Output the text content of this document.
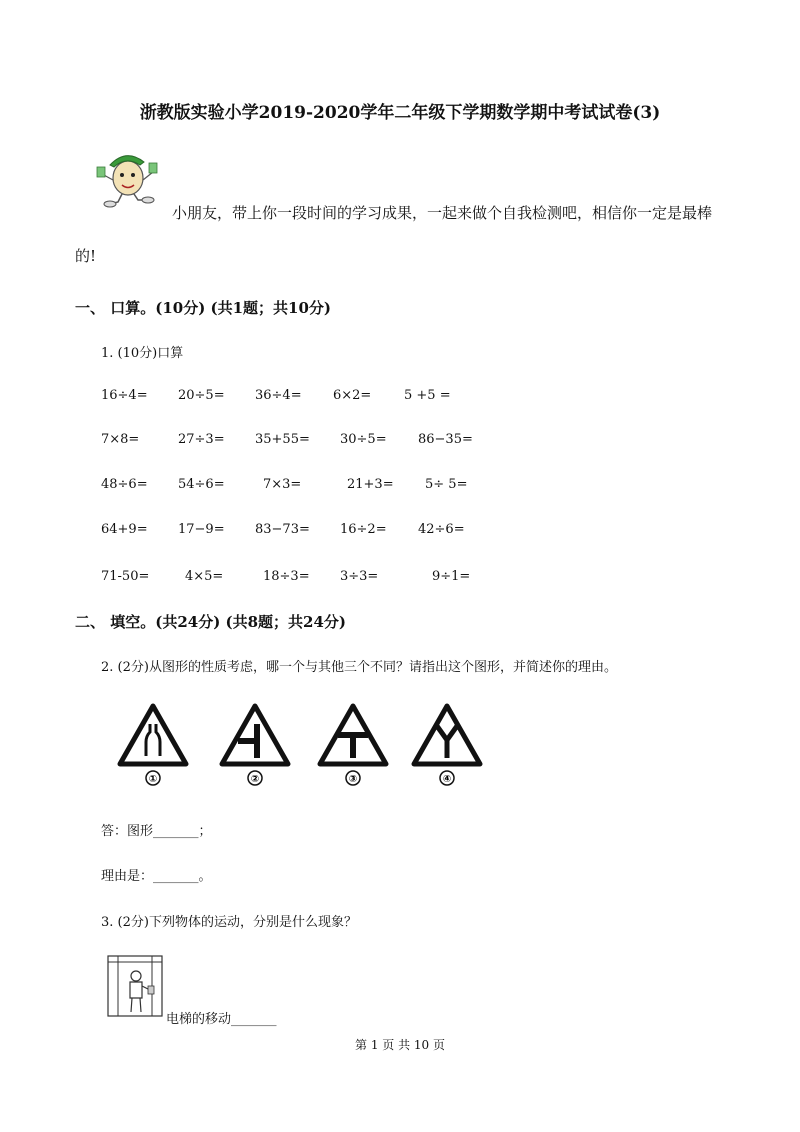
浙教版实验小学2019-2020学年二年级下学期数学期中考试试卷(3)
小朋友，带上你一段时间的学习成果，一起来做个自我检测吧，相信你一定是最棒
的!
一、 口算。(10分) (共1题；共10分)
1. (10分)口算
16÷4= 20÷5= 36÷4= 6×2=	5 +5 =
7×8=	27÷3= 35+55= 30÷5= 86−35=
48÷6= 54÷6=	7×3=	21+3= 5÷ 5=
64+9= 17−9= 83−73= 16÷2= 42÷6=
71-50=	4×5=	18÷3= 3÷3=	9÷1=
二、 填空。(共24分) (共8题；共24分)
2. (2分)从图形的性质考虑，哪一个与其他三个不同？请指出这个图形，并简述你的理由。
①	②	③	④
答：图形_______；
理由是：_______。
3. (2分)下列物体的运动，分别是什么现象？
电梯的移动_______
第 1 页 共 10 页
